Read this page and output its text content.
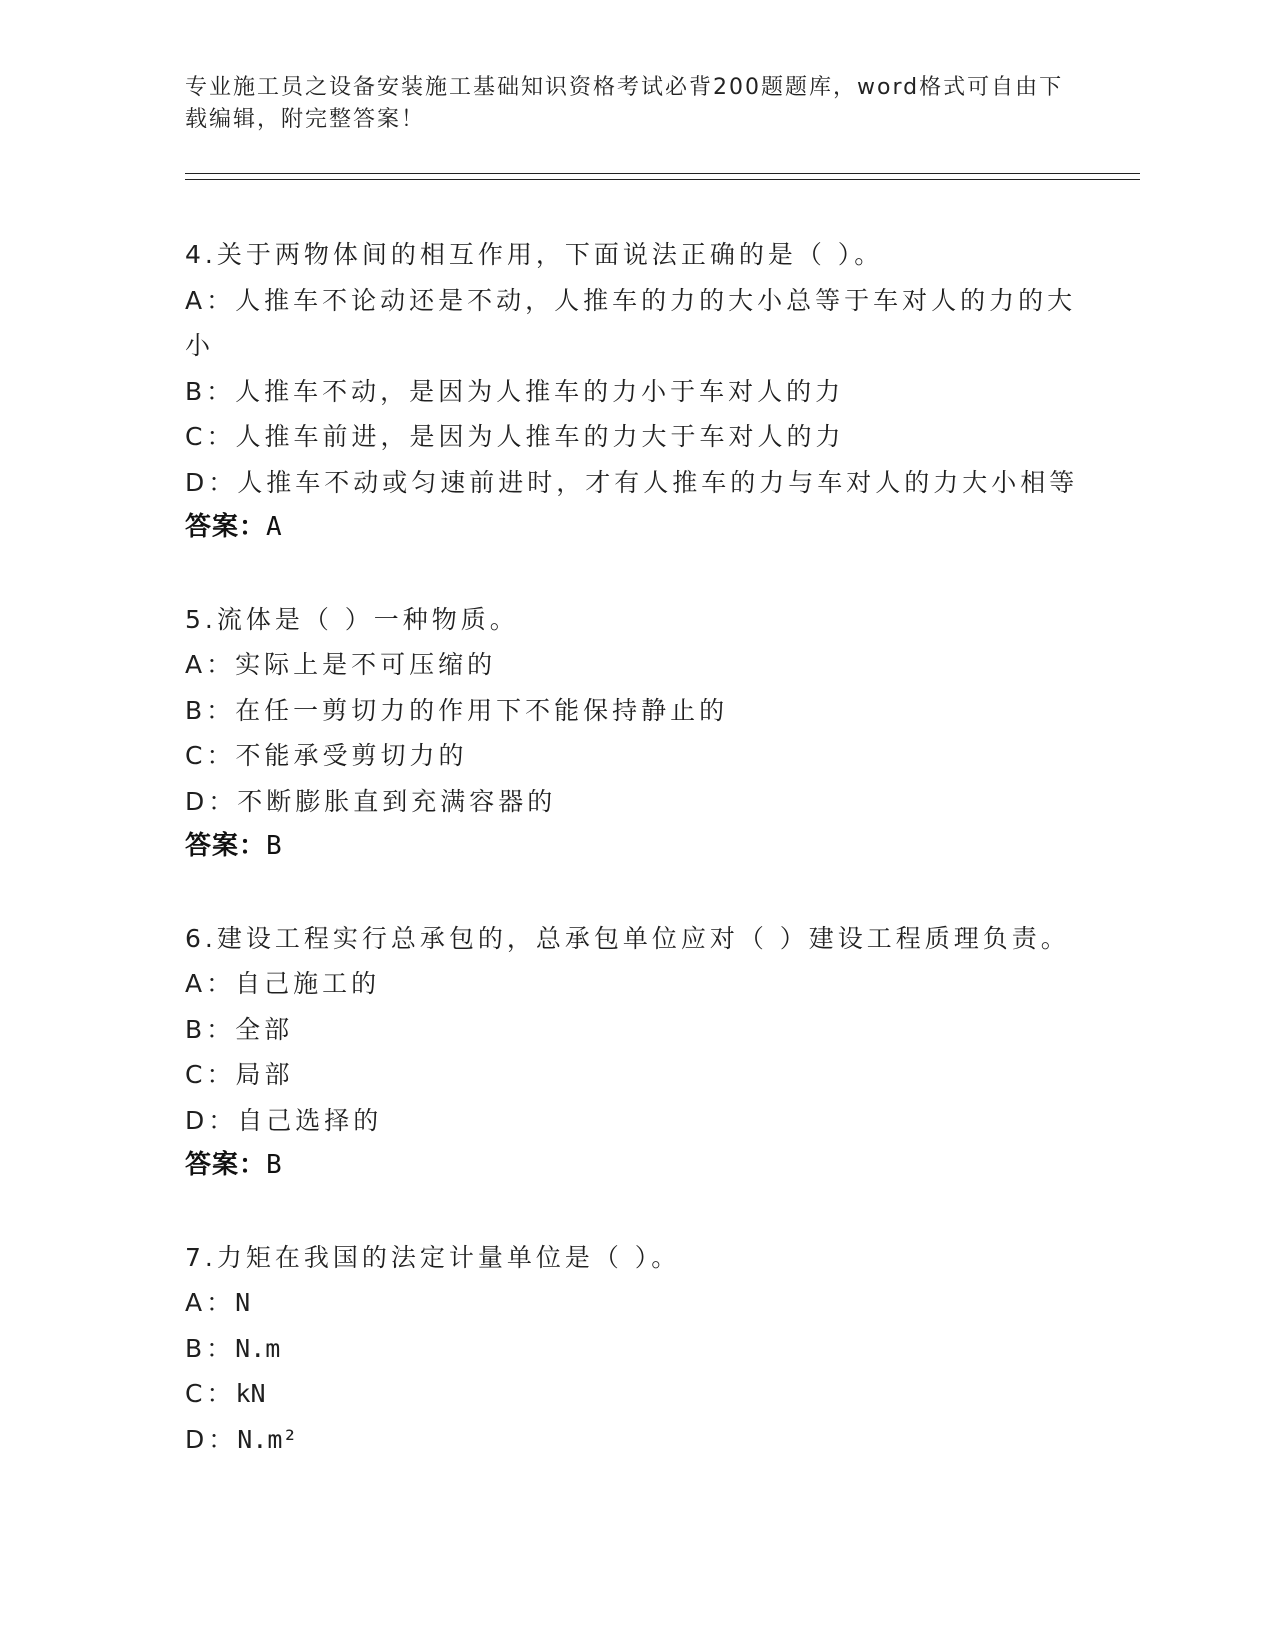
专业施工员之设备安装施工基础知识资格考试必背200题题库，word格式可自由下载编辑，附完整答案！
4.关于两物体间的相互作用，下面说法正确的是（ ）。
A：人推车不论动还是不动，人推车的力的大小总等于车对人的力的大小
B：人推车不动，是因为人推车的力小于车对人的力
C：人推车前进，是因为人推车的力大于车对人的力
D：人推车不动或匀速前进时，才有人推车的力与车对人的力大小相等
答案：A
5.流体是（ ）一种物质。
A：实际上是不可压缩的
B：在任一剪切力的作用下不能保持静止的
C：不能承受剪切力的
D：不断膨胀直到充满容器的
答案：B
6.建设工程实行总承包的，总承包单位应对（ ）建设工程质理负责。
A：自己施工的
B：全部
C：局部
D：自己选择的
答案：B
7.力矩在我国的法定计量单位是（ ）。
A：N
B：N.m
C：kN
D：N.m²
